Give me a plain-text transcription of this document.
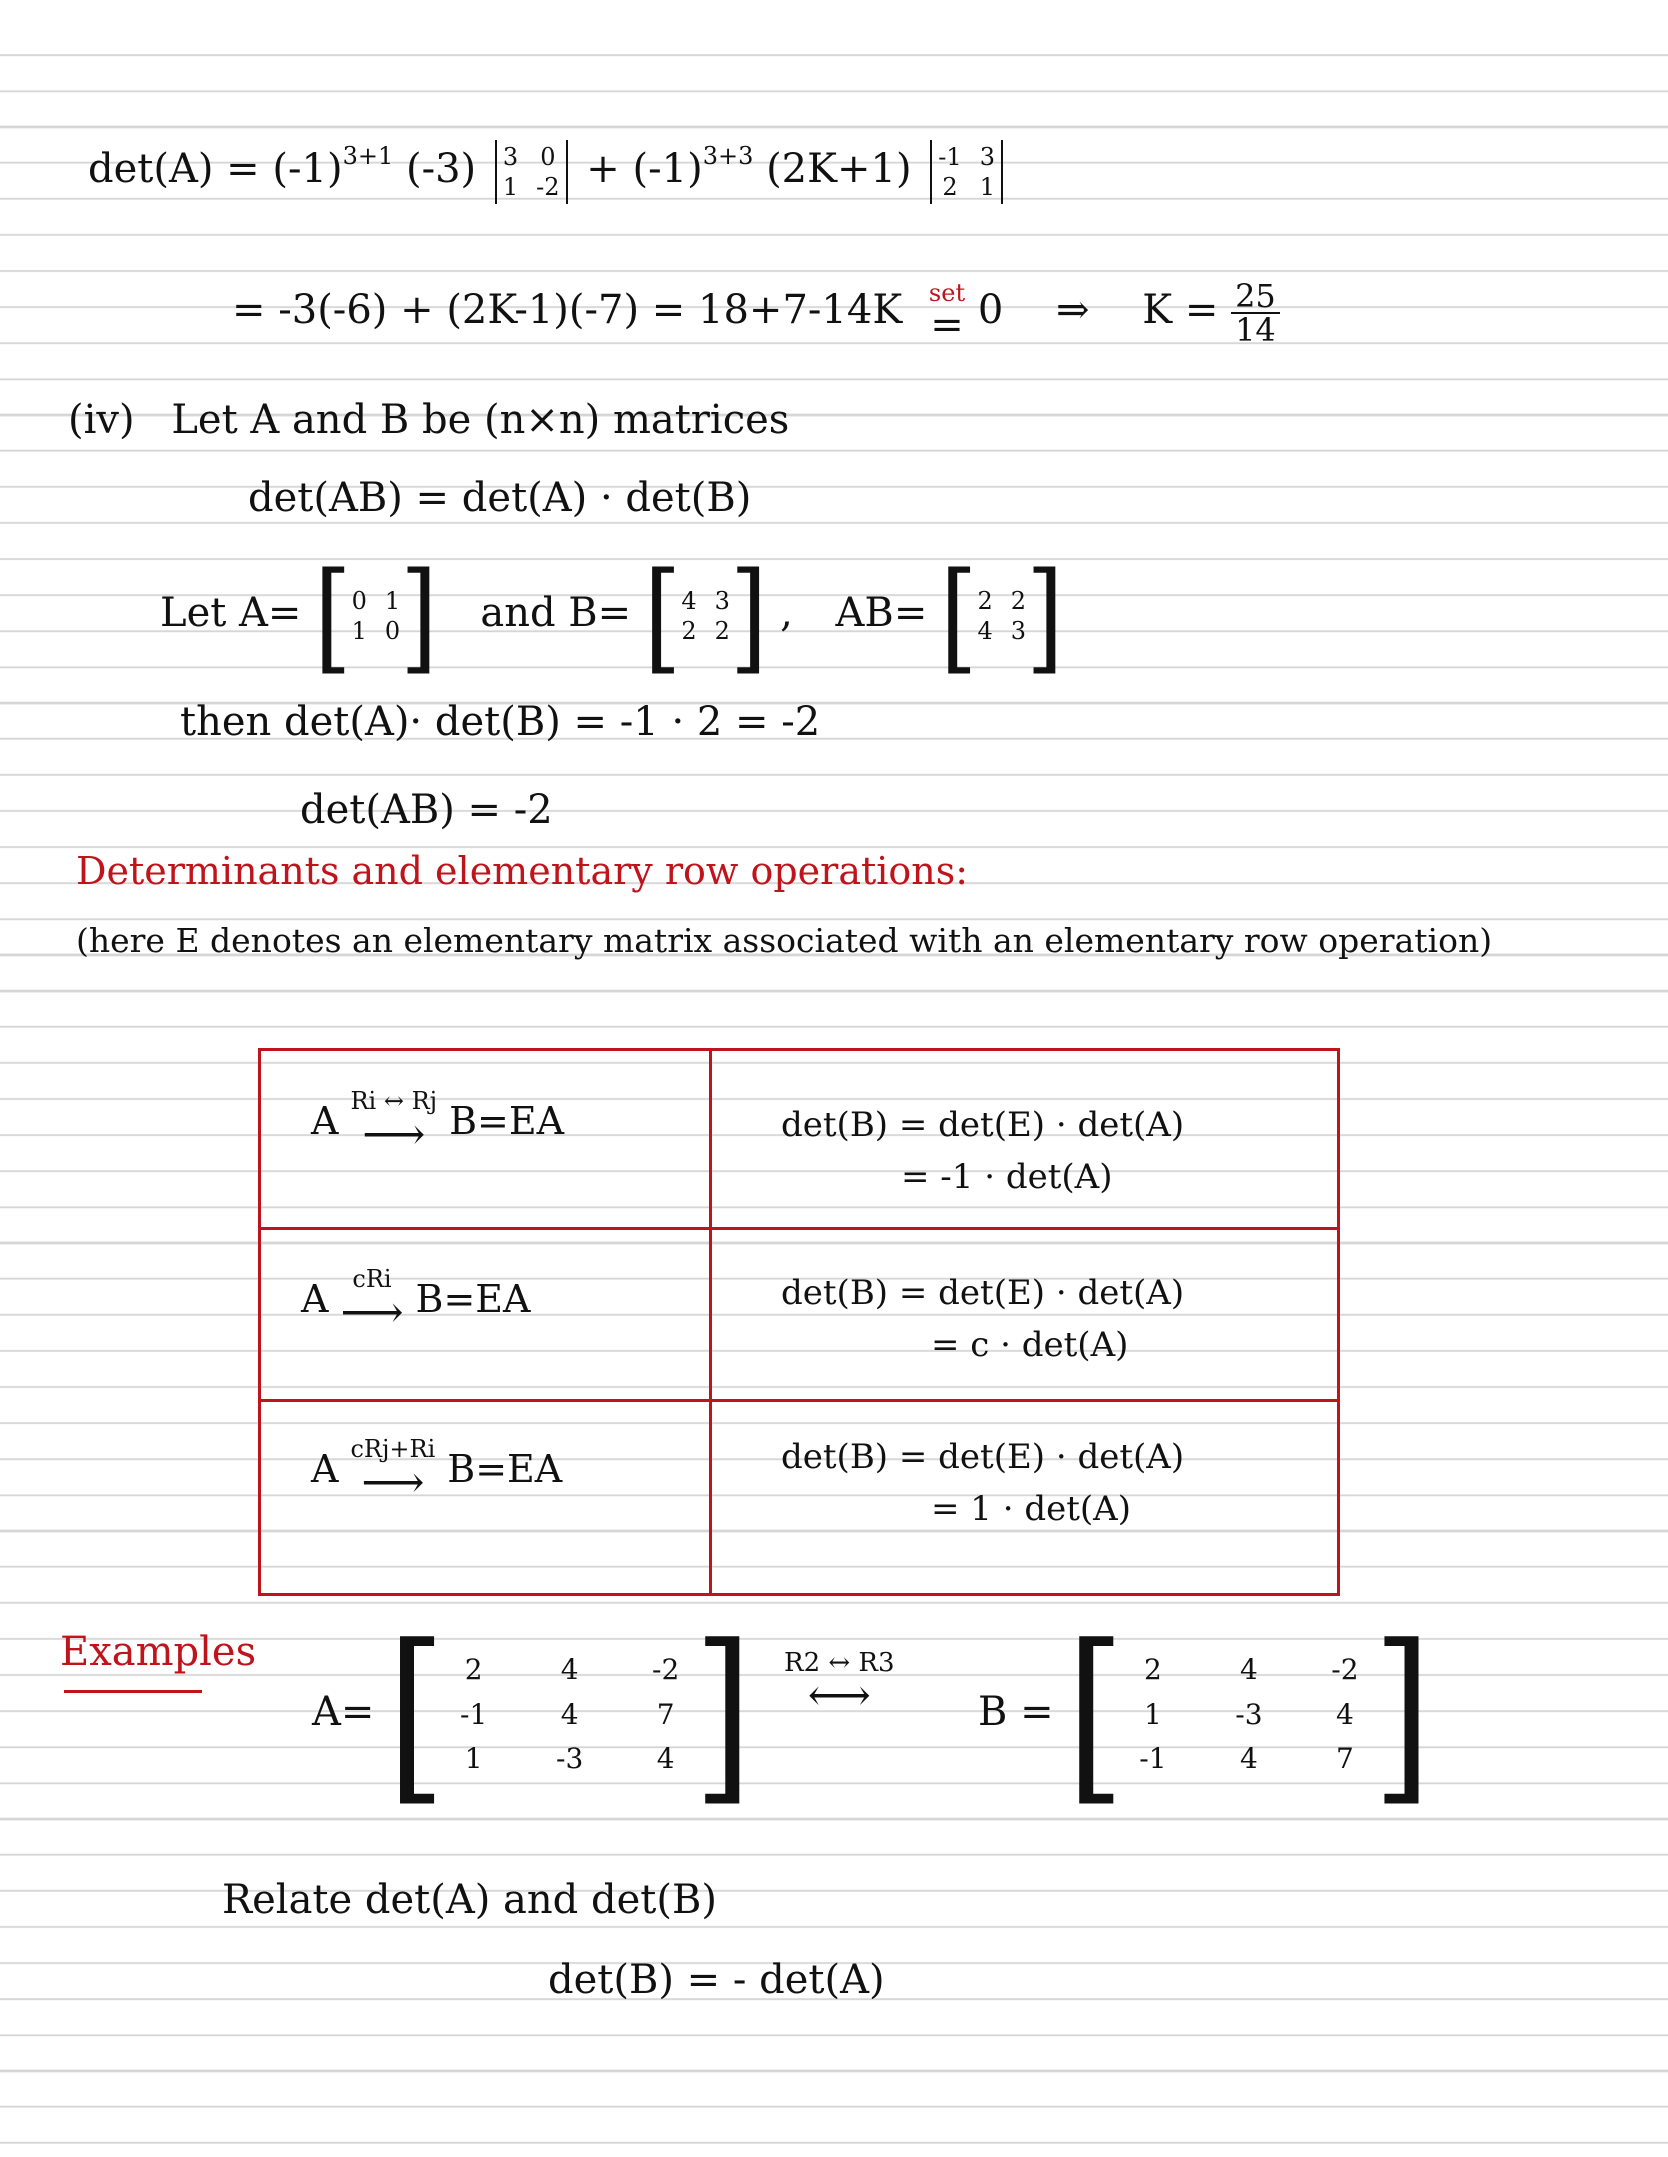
$\det(A) = (-1)^{3+1}$ (-3) 3 0
1 $-2 + (-1)^{3+3}$ (2K+1) -1 3
2 1
= -3(-6) + (2K-1)(-7) = 18+7-14K set
= 0 ⇒ $K = \frac{25}{14}$
(iv) Let A and B be (n×n) matrices
det(AB) = det(A) · det(B)
Let A= [ 0 1
1 0 ] and B= [ 4 3
2 2 ] , AB= [ 2 2
4 3 ]
then det(A)· det(B) = -1 · 2 = -2
det(AB) = -2
Determinants and elementary row operations:
(here E denotes an elementary matrix associated with an elementary row operation)
A Ri ↔ Rj
⟶ B=EA	det(B) = det(E) · det(A)
= -1 · det(A)
A cRi
⟶ B=EA	det(B) = det(E) · det(A)
= c · det(A)
A cRj+Ri
⟶ B=EA	det(B) = det(E) · det(A)
= 1 · det(A)
Examples
A= [ 2	4	-2
-1	4	7
1	-3	4 ] R2 ↔ R3
⟷	B = [ 2	4	-2
1	-3	4
-1	4	7 ]
Relate det(A) and det(B)
det(B) = - det(A)
